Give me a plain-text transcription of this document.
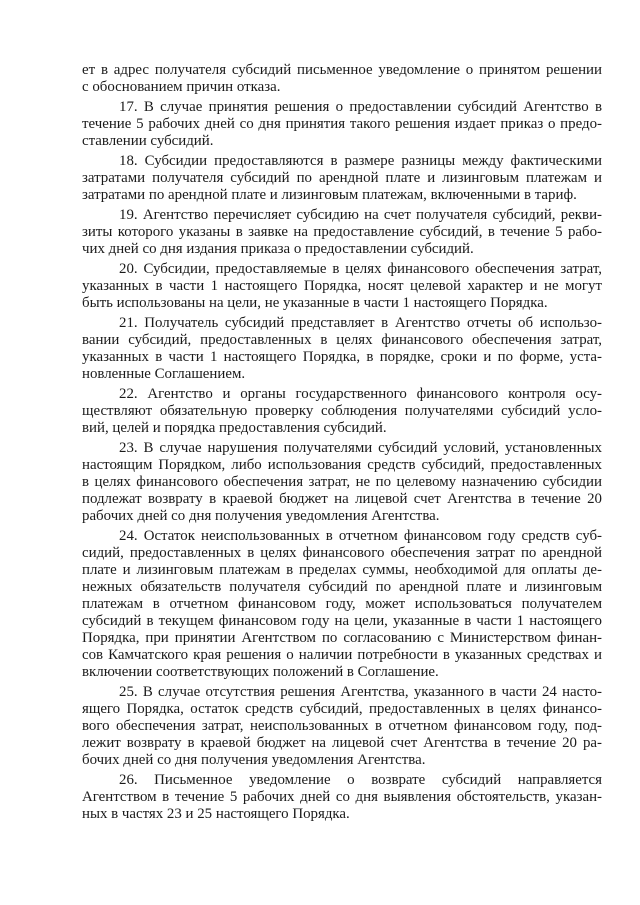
ет в адрес получателя субсидий письменное уведомление о принятом решении
с обоснованием причин отказа.
17. В случае принятия решения о предоставлении субсидий Агентство в
течение 5 рабочих дней со дня принятия такого решения издает приказ о предо-
ставлении субсидий.
18. Субсидии предоставляются в размере разницы между фактическими
затратами получателя субсидий по арендной плате и лизинговым платежам и
затратами по арендной плате и лизинговым платежам, включенными в тариф.
19. Агентство перечисляет субсидию на счет получателя субсидий, рекви-
зиты которого указаны в заявке на предоставление субсидий, в течение 5 рабо-
чих дней со дня издания приказа о предоставлении субсидий.
20. Субсидии, предоставляемые в целях финансового обеспечения затрат,
указанных в части 1 настоящего Порядка, носят целевой характер и не могут
быть использованы на цели, не указанные в части 1 настоящего Порядка.
21. Получатель субсидий представляет в Агентство отчеты об использо-
вании субсидий, предоставленных в целях финансового обеспечения затрат,
указанных в части 1 настоящего Порядка, в порядке, сроки и по форме, уста-
новленные Соглашением.
22. Агентство и органы государственного финансового контроля осу-
ществляют обязательную проверку соблюдения получателями субсидий усло-
вий, целей и порядка предоставления субсидий.
23. В случае нарушения получателями субсидий условий, установленных
настоящим Порядком, либо использования средств субсидий, предоставленных
в целях финансового обеспечения затрат, не по целевому назначению субсидии
подлежат возврату в краевой бюджет на лицевой счет Агентства в течение 20
рабочих дней со дня получения уведомления Агентства.
24. Остаток неиспользованных в отчетном финансовом году средств суб-
сидий, предоставленных в целях финансового обеспечения затрат по арендной
плате и лизинговым платежам в пределах суммы, необходимой для оплаты де-
нежных обязательств получателя субсидий по арендной плате и лизинговым
платежам в отчетном финансовом году, может использоваться получателем
субсидий в текущем финансовом году на цели, указанные в части 1 настоящего
Порядка, при принятии Агентством по согласованию с Министерством финан-
сов Камчатского края решения о наличии потребности в указанных средствах и
включении соответствующих положений в Соглашение.
25. В случае отсутствия решения Агентства, указанного в части 24 насто-
ящего Порядка, остаток средств субсидий, предоставленных в целях финансо-
вого обеспечения затрат, неиспользованных в отчетном финансовом году, под-
лежит возврату в краевой бюджет на лицевой счет Агентства в течение 20 ра-
бочих дней со дня получения уведомления Агентства.
26. Письменное уведомление о возврате субсидий направляется
Агентством в течение 5 рабочих дней со дня выявления обстоятельств, указан-
ных в частях 23 и 25 настоящего Порядка.
